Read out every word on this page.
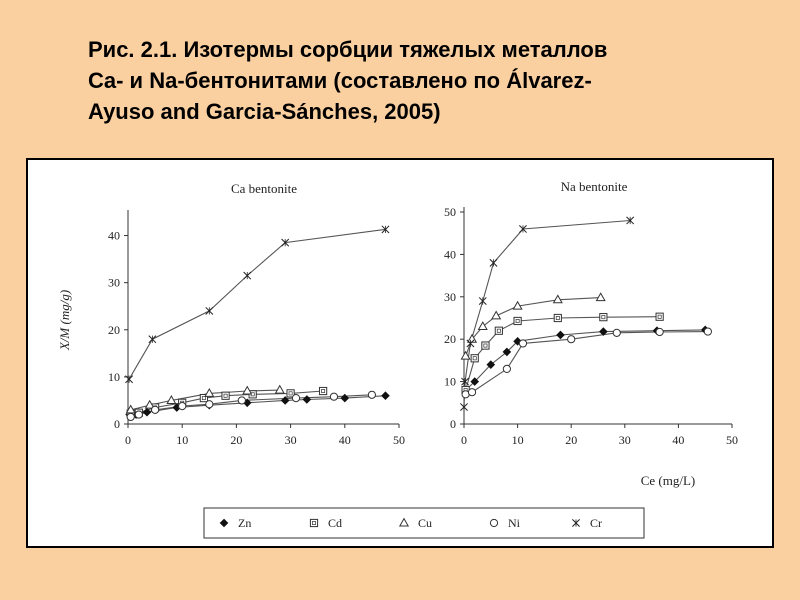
Рис. 2.1. Изотермы сорбции тяжелых металлов
Ca- и Na-бентонитами (составлено по Álvarez-
Ayuso and Garcia-Sánches, 2005)
Ca bentonite
X/M (mg/g)
0	10	20	30	40	50
0
10
20
30
40
Na bentonite
0	10	20	30	40	50
0
10
20
30
40
50
Ce (mg/L)
Zn	Cd	Cu	Ni	Cr
